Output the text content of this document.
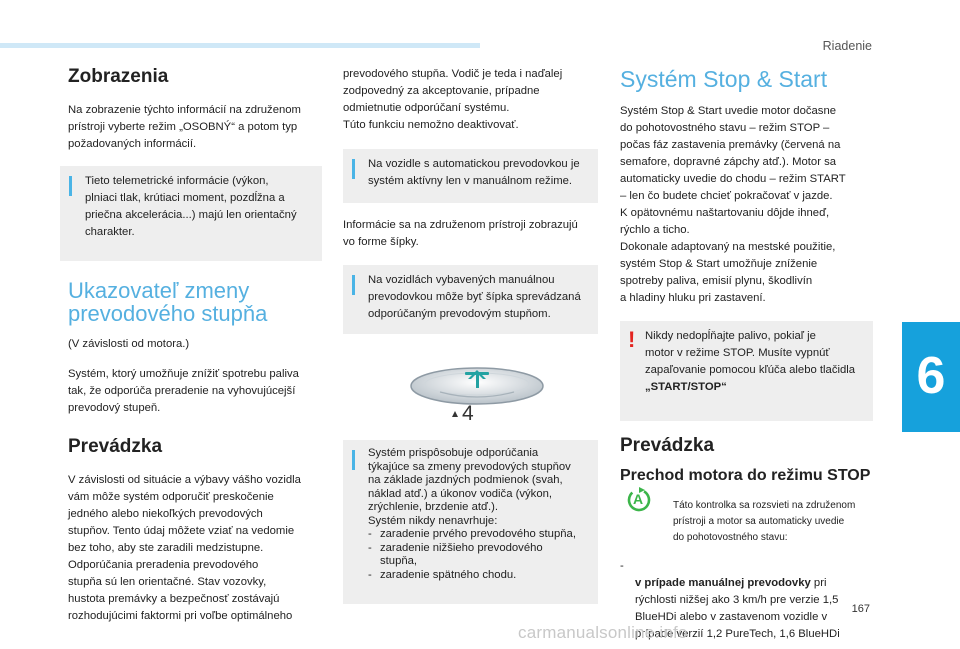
Riadenie
6
Zobrazenia
Na zobrazenie týchto informácií na združenom
prístroji vyberte režim „OSOBNÝ“ a potom typ
požadovaných informácií.
Tieto telemetrické informácie (výkon,
plniaci tlak, krútiaci moment, pozdĺžna a
priečna akcelerácia...) majú len orientačný
charakter.
Ukazovateľ zmeny
prevodového stupňa
(V závislosti od motora.)
Systém, ktorý umožňuje znížiť spotrebu paliva
tak, že odporúča preradenie na vyhovujúcejší
prevodový stupeň.
Prevádzka
V závislosti od situácie a výbavy vášho vozidla
vám môže systém odporučiť preskočenie
jedného alebo niekoľkých prevodových
stupňov. Tento údaj môžete vziať na vedomie
bez toho, aby ste zaradili medzistupne.
Odporúčania preradenia prevodového
stupňa sú len orientačné. Stav vozovky,
hustota premávky a bezpečnosť zostávajú
rozhodujúcimi faktormi pri voľbe optimálneho
prevodového stupňa. Vodič je teda i naďalej
zodpovedný za akceptovanie, prípadne
odmietnutie odporúčaní systému.
Túto funkciu nemožno deaktivovať.
Na vozidle s automatickou prevodovkou je
systém aktívny len v manuálnom režime.
Informácie sa na združenom prístroji zobrazujú
vo forme šípky.
Na vozidlách vybavených manuálnou
prevodovkou môže byť šípka sprevádzaná
odporúčaným prevodovým stupňom.
4
Systém prispôsobuje odporúčania
týkajúce sa zmeny prevodových stupňov
na základe jazdných podmienok (svah,
náklad atď.) a úkonov vodiča (výkon,
zrýchlenie, brzdenie atď.).
Systém nikdy nenavrhuje:
- zaradenie prvého prevodového stupňa,
- zaradenie nižšieho prevodového
stupňa,
- zaradenie spätného chodu.
Systém Stop & Start
Systém Stop & Start uvedie motor dočasne
do pohotovostného stavu – režim STOP –
počas fáz zastavenia premávky (červená na
semafore, dopravné zápchy atď.). Motor sa
automaticky uvedie do chodu – režim START
– len čo budete chcieť pokračovať v jazde.
K opätovnému naštartovaniu dôjde ihneď,
rýchlo a ticho.
Dokonale adaptovaný na mestské použitie,
systém Stop & Start umožňuje zníženie
spotreby paliva, emisií plynu, škodlivín
a hladiny hluku pri zastavení.
! Nikdy nedopĺňajte palivo, pokiaľ je
motor v režime STOP. Musíte vypnúť
zapaľovanie pomocou kľúča alebo tlačidla
„START/STOP“
Prevádzka
Prechod motora do režimu STOP
Táto kontrolka sa rozsvieti na združenom
prístroji a motor sa automaticky uvedie
do pohotovostného stavu:
-

v prípade manuálnej prevodovky pri

rýchlosti nižšej ako 3 km/h pre verzie 1,5
BlueHDi alebo v zastavenom vozidle v
prípade verzií 1,2 PureTech, 1,6 BlueHDi

A
167
carmanualsonline.info
